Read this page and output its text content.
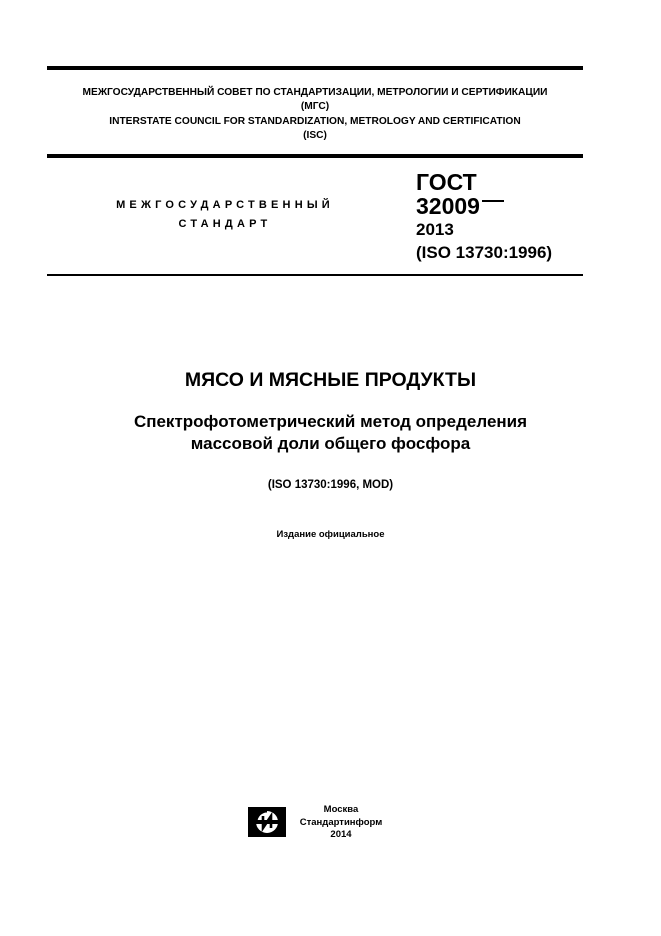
МЕЖГОСУДАРСТВЕННЫЙ СОВЕТ ПО СТАНДАРТИЗАЦИИ, МЕТРОЛОГИИ И СЕРТИФИКАЦИИ
(МГС)
INTERSTATE COUNCIL FOR STANDARDIZATION, METROLOGY AND CERTIFICATION
(ISC)
МЕЖГОСУДАРСТВЕННЫЙ
СТАНДАРТ
ГОСТ
32009
2013
(ISO 13730:1996)
МЯСО И МЯСНЫЕ ПРОДУКТЫ
Спектрофотометрический метод определения
массовой доли общего фосфора
(ISO 13730:1996, MOD)
Издание официальное
Москва
Стандартинформ
2014
